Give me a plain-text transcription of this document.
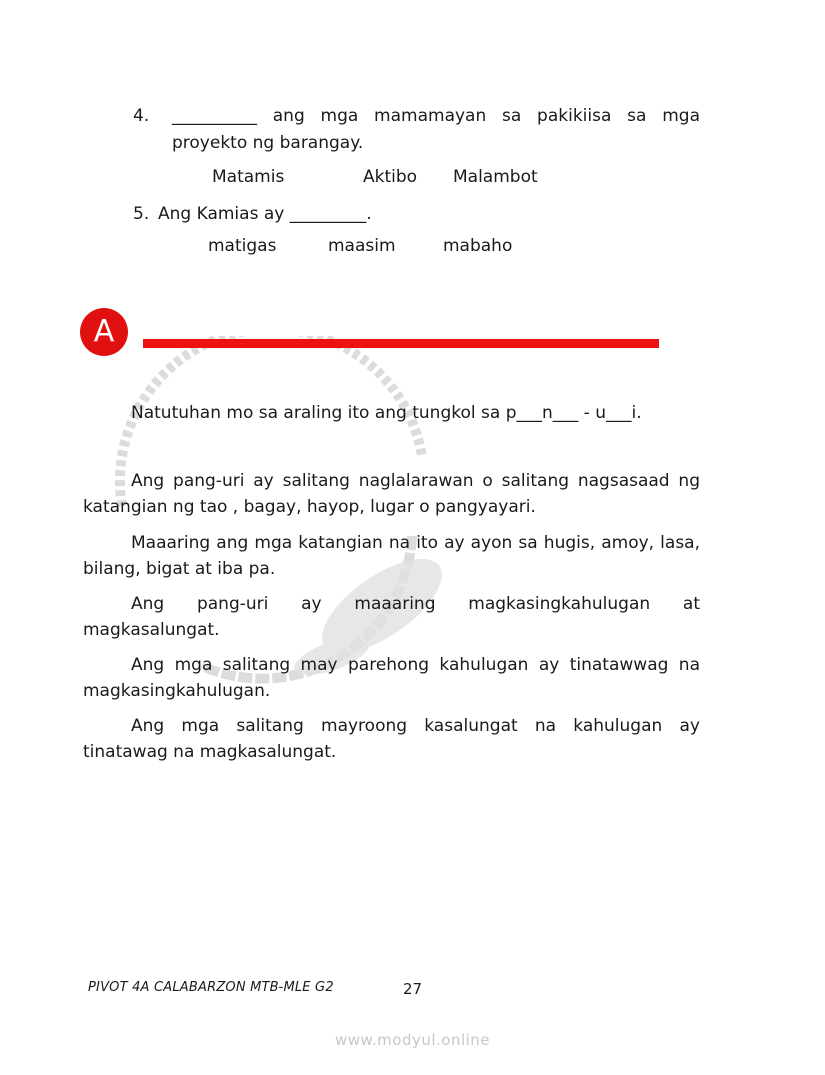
4. __________ ang mga mamamayan sa pakikiisa sa mga
proyekto ng barangay.
Matamis	Aktibo Malambot
5. Ang Kamias ay _________.
matigas	maasim	mabaho
A
Natutuhan mo sa araling ito ang tungkol sa p___n___ - u___i.
Ang pang-uri ay salitang naglalarawan o salitang nagsasaad ng katangian ng tao , bagay, hayop, lugar o pangyayari.
Maaaring ang mga katangian na ito ay ayon sa hugis, amoy, lasa, bilang, bigat at iba pa.
Ang pang-uri ay maaaring magkasingkahulugan at magkasalungat.
Ang mga salitang may parehong kahulugan ay tinatawwag na magkasingkahulugan.
Ang mga salitang mayroong kasalungat na kahulugan ay tinatawag na magkasalungat.
PIVOT 4A CALABARZON MTB-MLE G2	27
www.modyul.online
